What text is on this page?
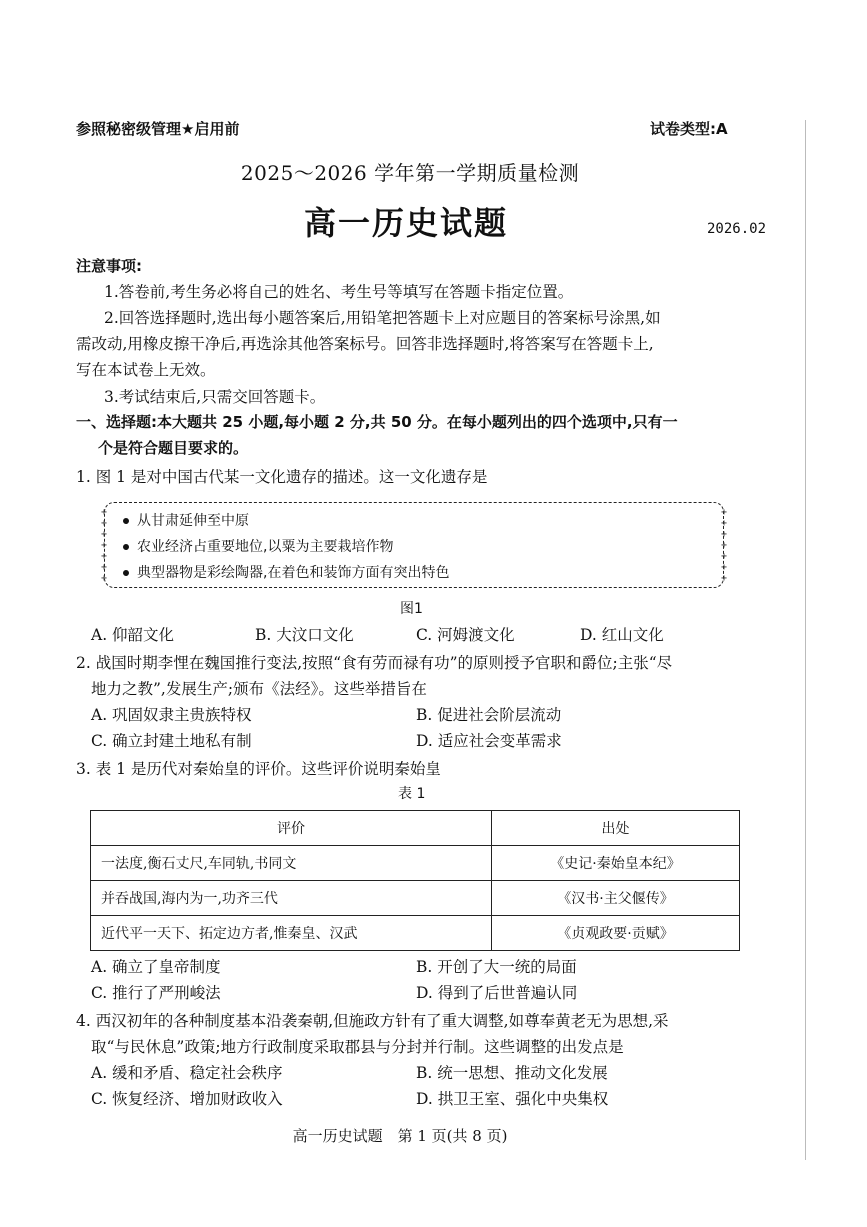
参照秘密级管理★启用前	试卷类型:A
2025～2026 学年第一学期质量检测
高一历史试题	2026.02
注意事项:
1.答卷前,考生务必将自己的姓名、考生号等填写在答题卡指定位置。
2.回答选择题时,选出每小题答案后,用铅笔把答题卡上对应题目的答案标号涂黑,如
需改动,用橡皮擦干净后,再选涂其他答案标号。回答非选择题时,将答案写在答题卡上,
写在本试卷上无效。
3.考试结束后,只需交回答题卡。
一、选择题:本大题共 25 小题,每小题 2 分,共 50 分。在每小题列出的四个选项中,只有一
个是符合题目要求的。
1. 图 1 是对中国古代某一文化遗存的描述。这一文化遗存是
+
+
+
+
+
+
+
+
+
+
+
+
+
+
从甘肃延伸至中原
农业经济占重要地位,以粟为主要栽培作物
典型器物是彩绘陶器,在着色和装饰方面有突出特色
图1
A. 仰韶文化	B. 大汶口文化	C. 河姆渡文化	D. 红山文化
2. 战国时期李悝在魏国推行变法,按照“食有劳而禄有功”的原则授予官职和爵位;主张“尽
地力之教”,发展生产;颁布《法经》。这些举措旨在
A. 巩固奴隶主贵族特权	B. 促进社会阶层流动
C. 确立封建土地私有制	D. 适应社会变革需求
3. 表 1 是历代对秦始皇的评价。这些评价说明秦始皇
表 1
评价	出处
一法度,衡石丈尺,车同轨,书同文	《史记·秦始皇本纪》
并吞战国,海内为一,功齐三代	《汉书·主父偃传》
近代平一天下、拓定边方者,惟秦皇、汉武	《贞观政要·贡赋》
A. 确立了皇帝制度	B. 开创了大一统的局面
C. 推行了严刑峻法	D. 得到了后世普遍认同
4. 西汉初年的各种制度基本沿袭秦朝,但施政方针有了重大调整,如尊奉黄老无为思想,采
取“与民休息”政策;地方行政制度采取郡县与分封并行制。这些调整的出发点是
A. 缓和矛盾、稳定社会秩序	B. 统一思想、推动文化发展
C. 恢复经济、增加财政收入	D. 拱卫王室、强化中央集权
高一历史试题　第 1 页(共 8 页)
